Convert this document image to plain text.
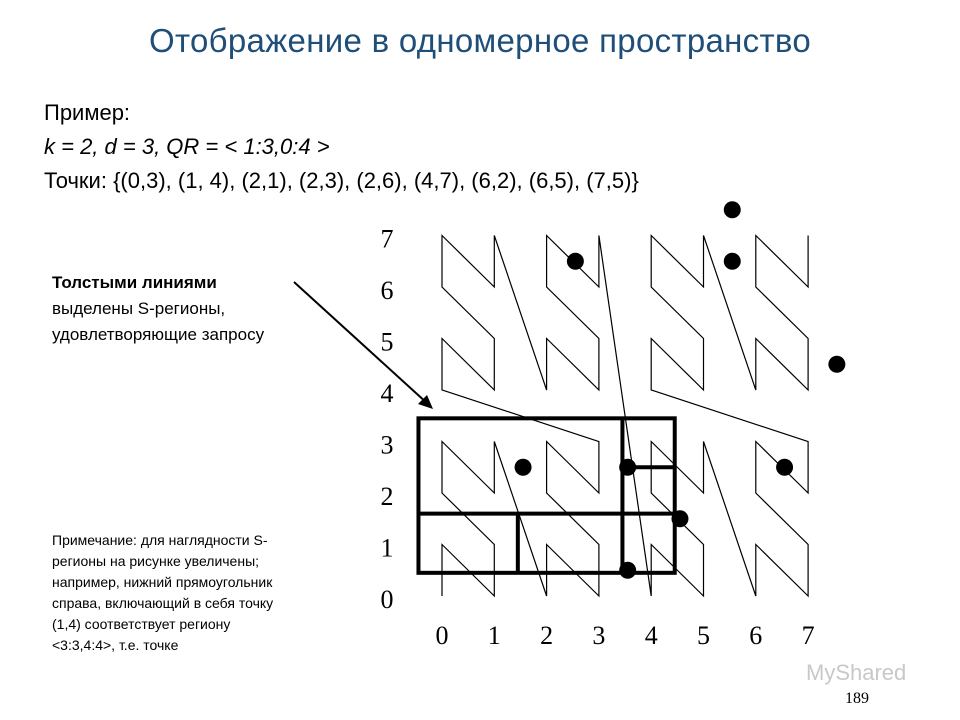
Отображение в одномерное пространство
Пример:
k = 2, d = 3, QR = < 1:3,0:4 >
Точки: {(0,3), (1, 4), (2,1), (2,3), (2,6), (4,7), (6,2), (6,5), (7,5)}
Толстыми линиями
выделены S-регионы,
удовлетворяющие запросу
Примечание: для наглядности S-
регионы на рисунке увеличены;
например, нижний прямоугольник
справа, включающий в себя точку
(1,4) соответствует региону
<3:3,4:4>, т.е. точке	0 1 2 3 4 5 6 7
0
1
2
3
4
5
6
7
MyShared
189
